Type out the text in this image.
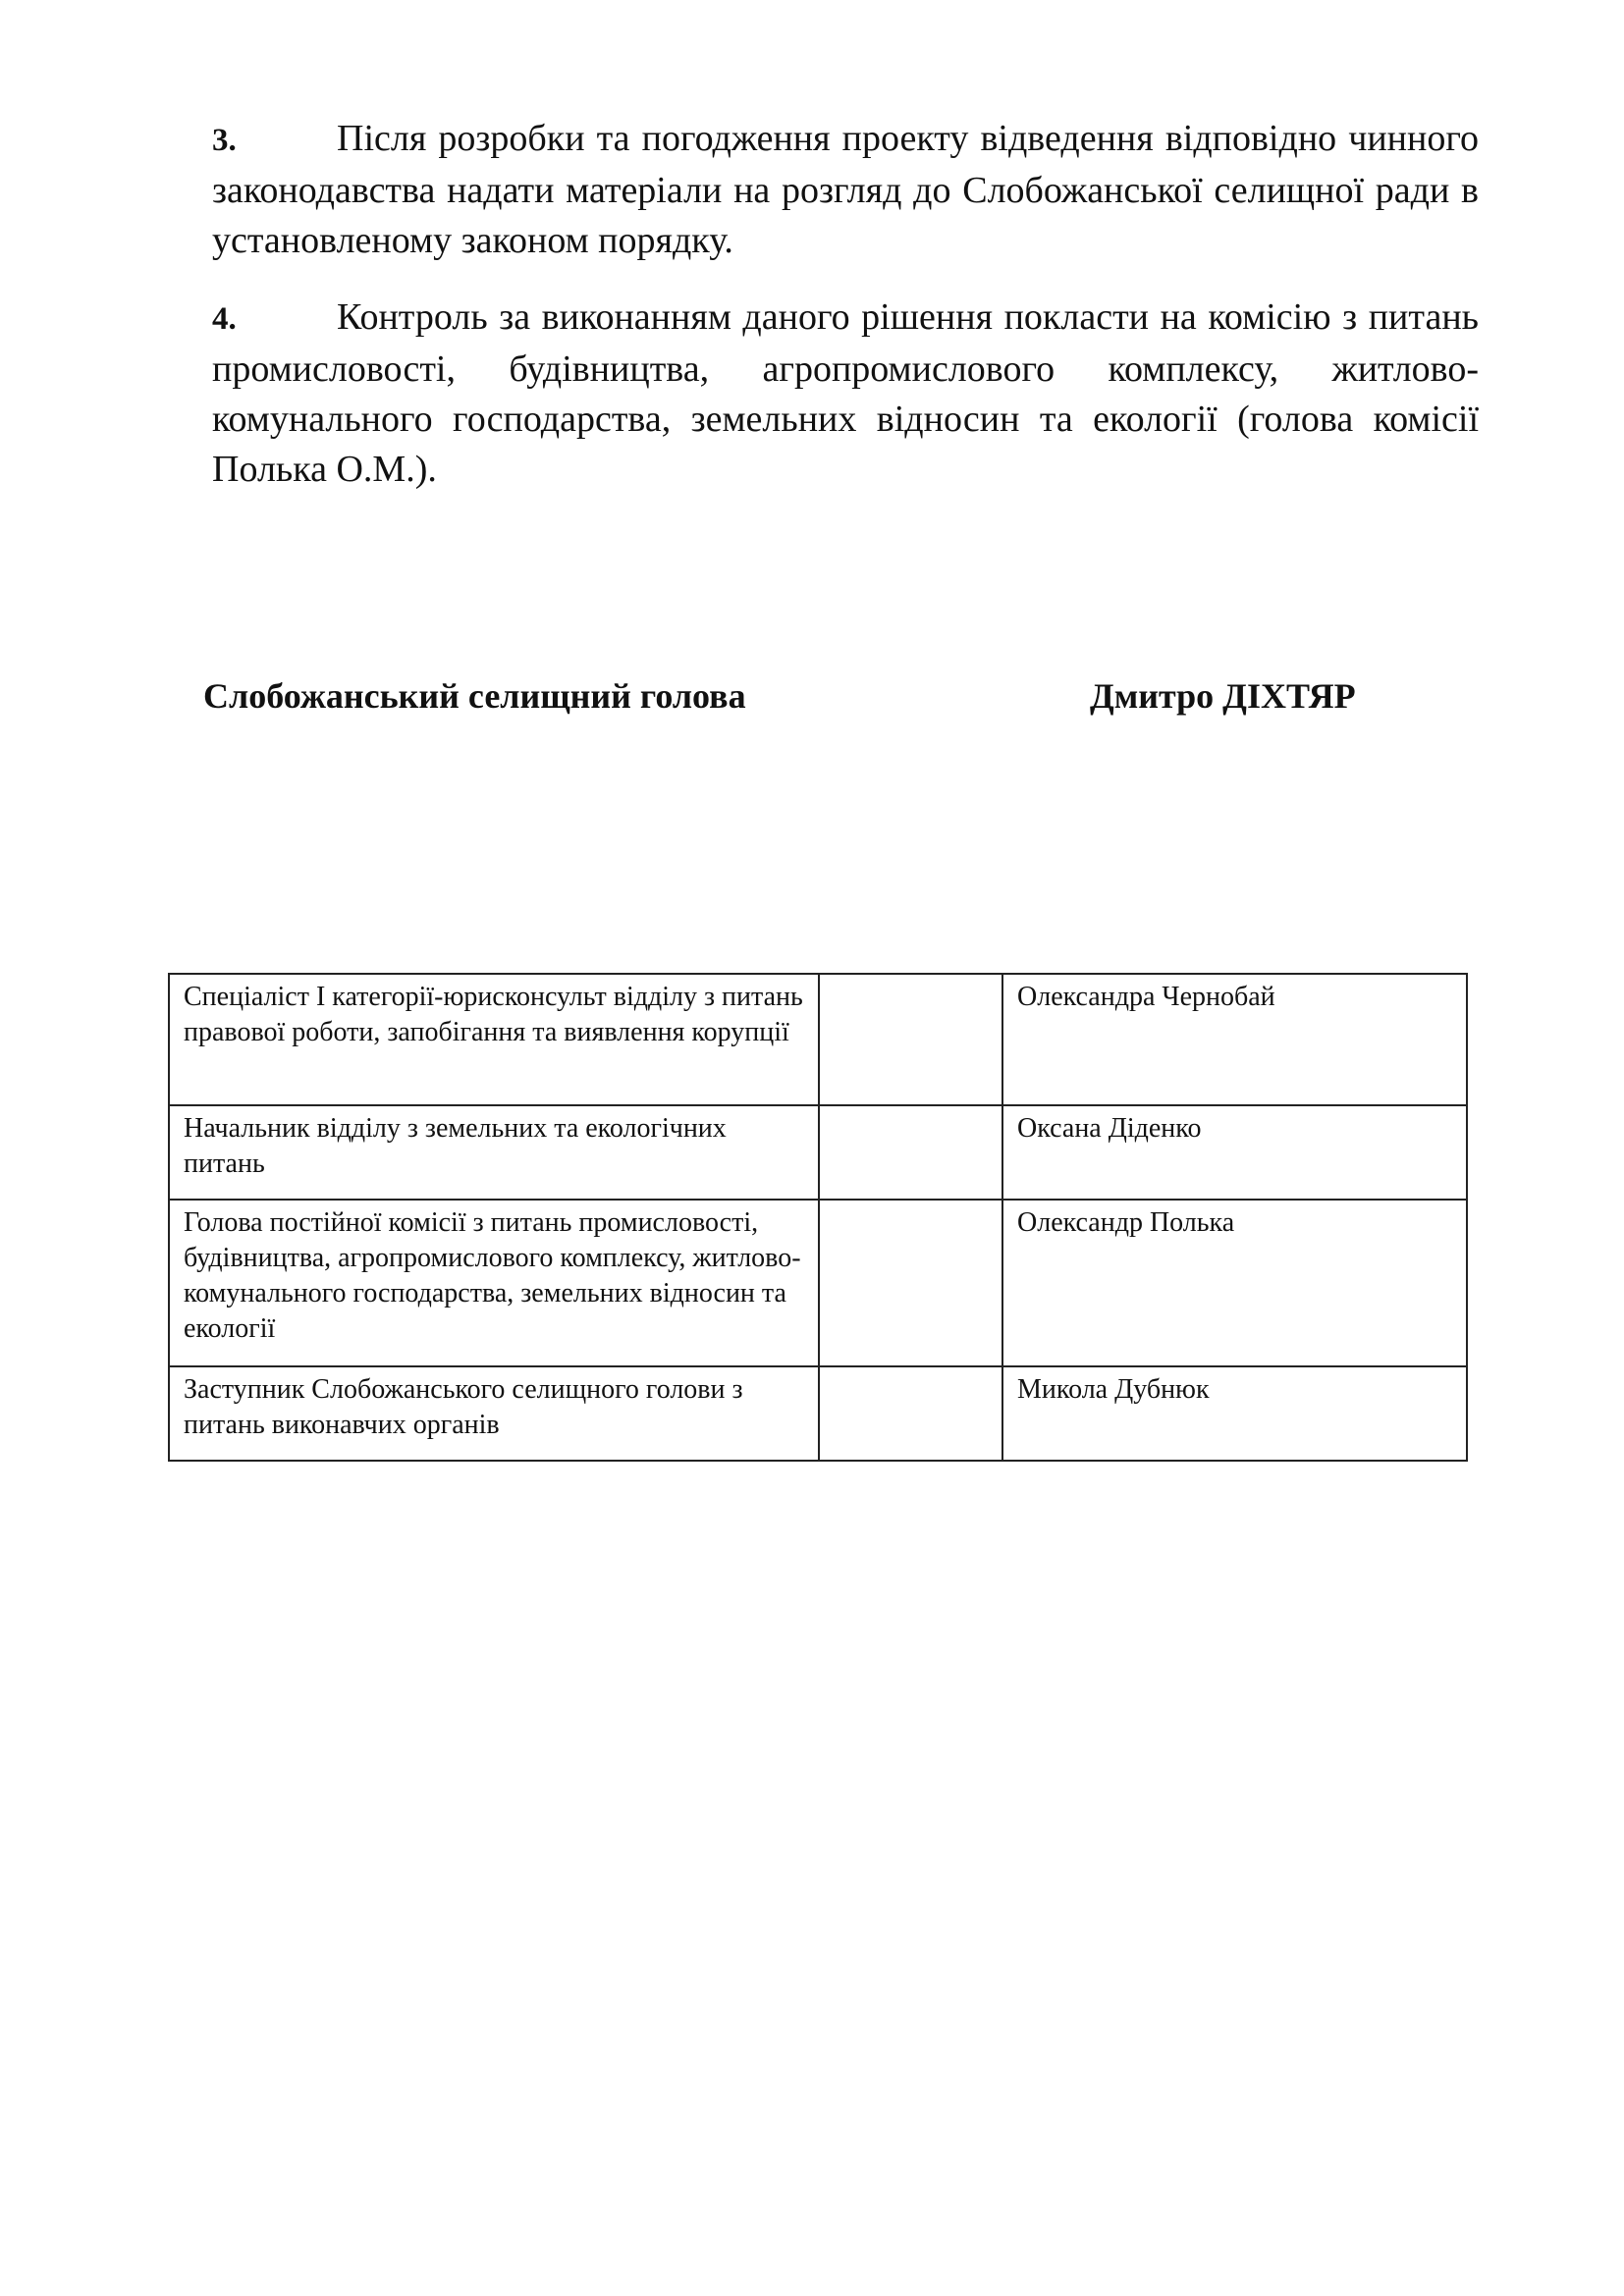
3.	Після розробки та погодження проекту відведення відповідно чинного законодавства надати матеріали на розгляд до Слобожанської селищної ради в установленому законом порядку.
4.	Контроль за виконанням даного рішення покласти на комісію з питань промисловості, будівництва, агропромислового комплексу, житлово-комунального господарства, земельних відносин та екології (голова комісії Полька О.М.).
Слобожанський селищний голова	Дмитро ДІХТЯР
Спеціаліст І категорії-юрисконсульт відділу з питань правової роботи, запобігання та виявлення корупції		Олександра Чернобай
Начальник відділу з земельних та екологічних питань		Оксана Діденко
Голова постійної комісії з питань промисловості, будівництва, агропромислового комплексу, житлово-комунального господарства, земельних відносин та екології		Олександр Полька
Заступник Слобожанського селищного голови з питань виконавчих органів		Микола Дубнюк
